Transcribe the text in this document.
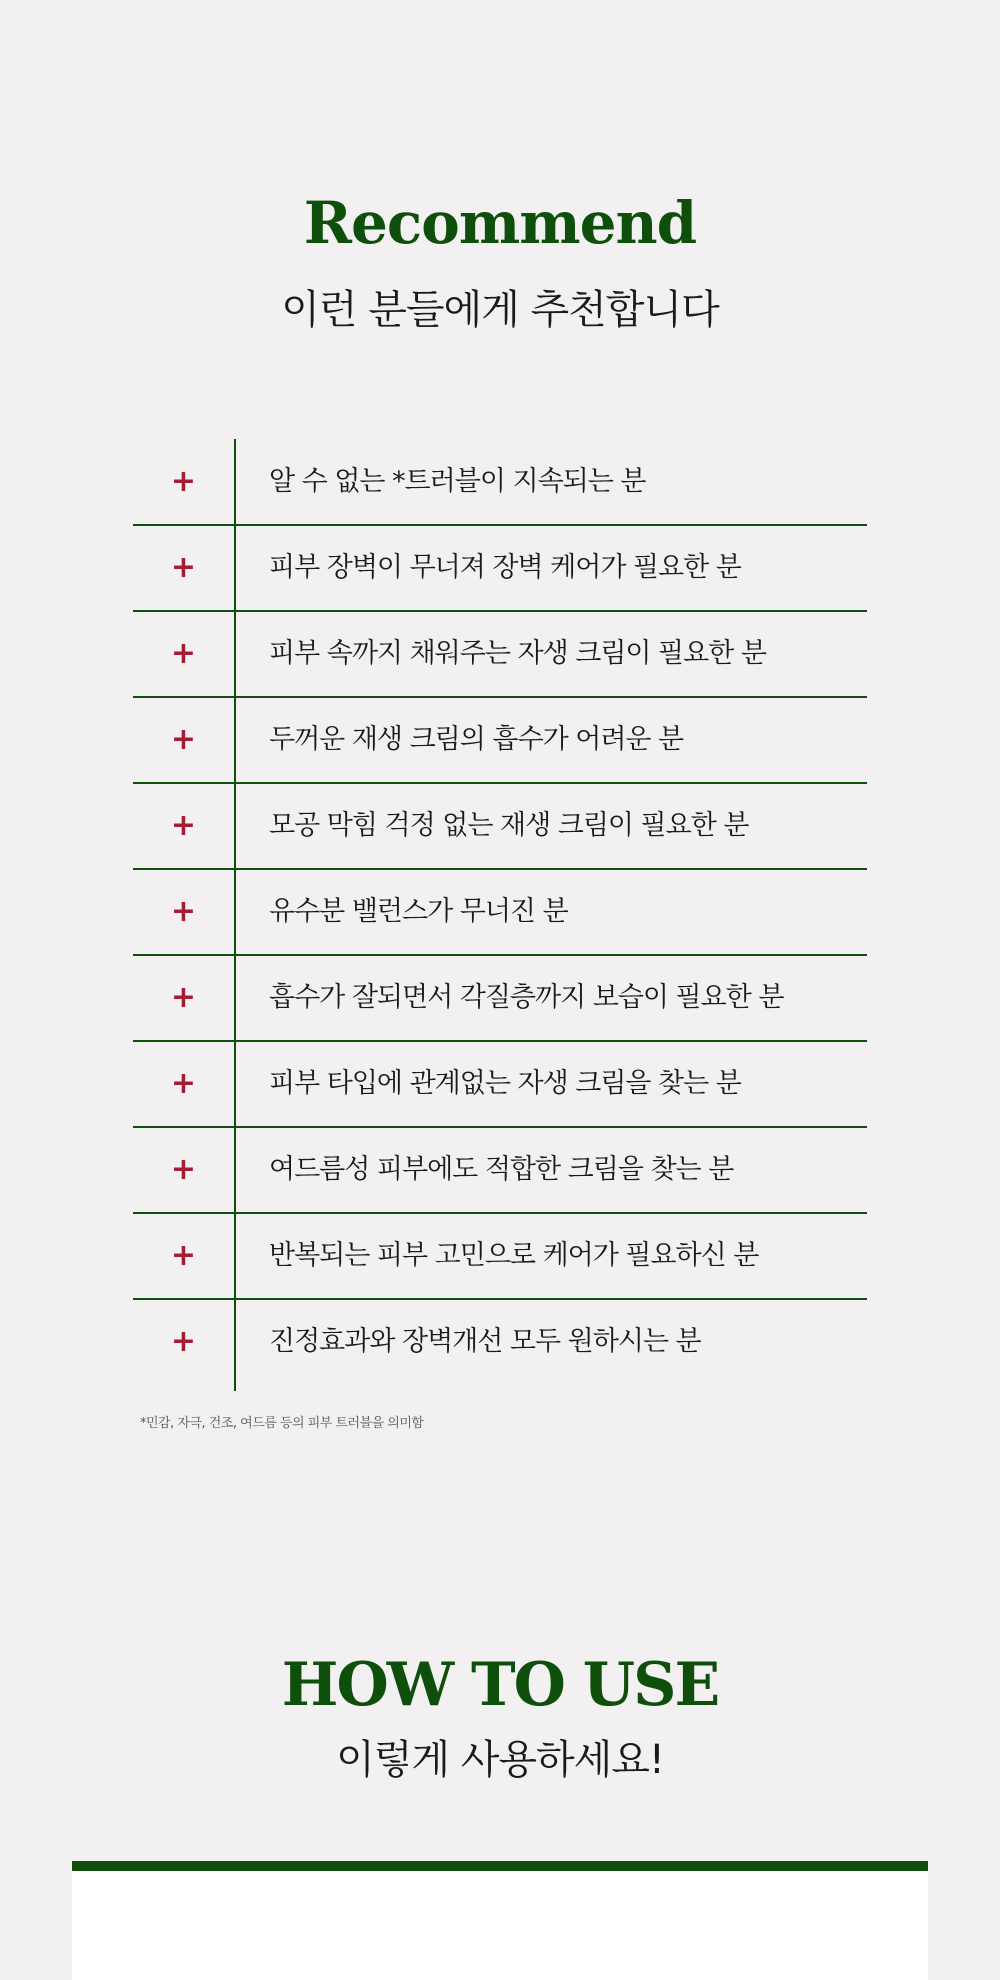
Recommend
이런 분들에게 추천합니다
+	알 수 없는 *트러블이 지속되는 분
+	피부 장벽이 무너져 장벽 케어가 필요한 분
+	피부 속까지 채워주는 자생 크림이 필요한 분
+	두꺼운 재생 크림의 흡수가 어려운 분
+	모공 막힘 걱정 없는 재생 크림이 필요한 분
+	유수분 밸런스가 무너진 분
+	흡수가 잘되면서 각질층까지 보습이 필요한 분
+	피부 타입에 관계없는 자생 크림을 찾는 분
+	여드름성 피부에도 적합한 크림을 찾는 분
+	반복되는 피부 고민으로 케어가 필요하신 분
+	진정효과와 장벽개선 모두 원하시는 분
*민감, 자극, 건조, 여드름 등의 피부 트러블을 의미함
HOW TO USE
이렇게 사용하세요!
